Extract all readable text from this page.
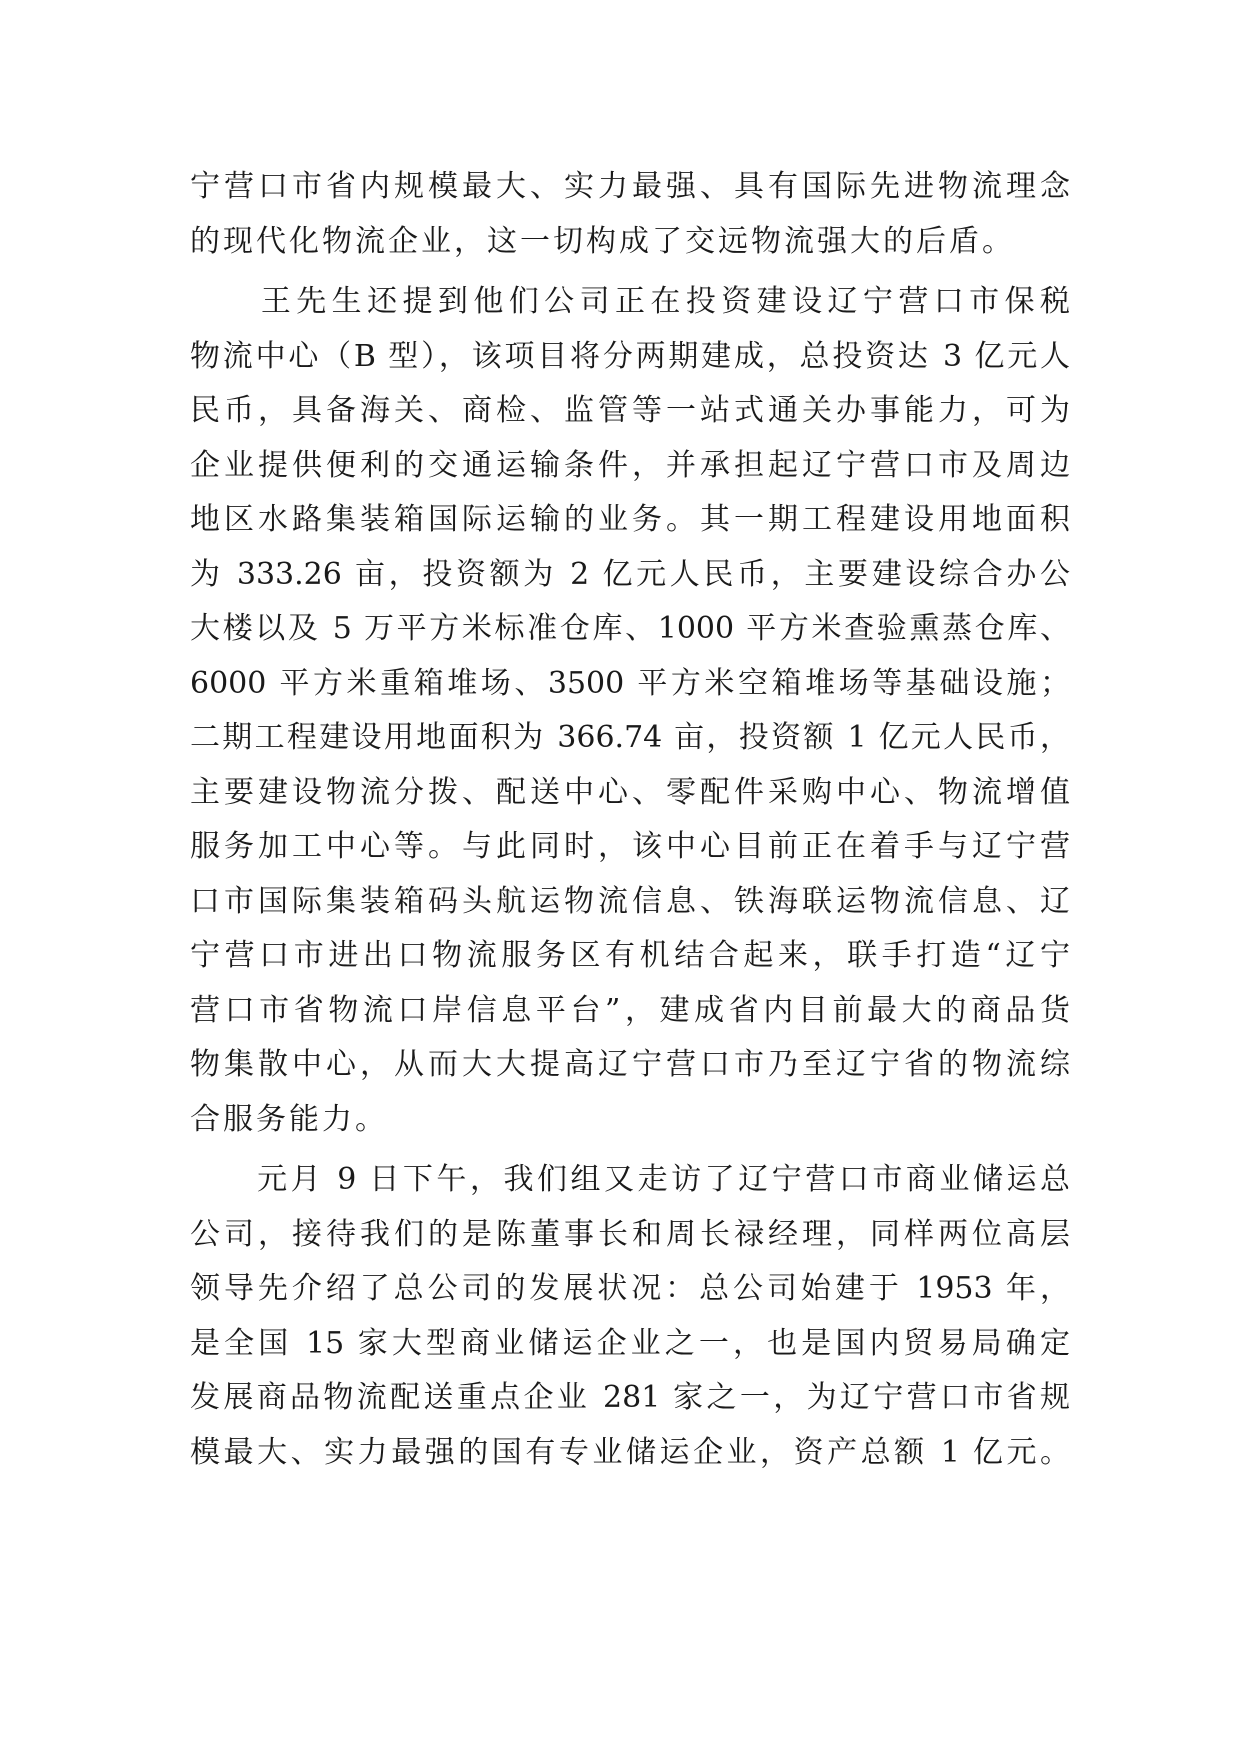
宁营口市省内规模最大、实力最强、具有国际先进物流理念
的现代化物流企业，这一切构成了交远物流强大的后盾。
　　王先生还提到他们公司正在投资建设辽宁营口市保税
物流中心（B 型），该项目将分两期建成，总投资达 3 亿元人
民币，具备海关、商检、监管等一站式通关办事能力，可为
企业提供便利的交通运输条件，并承担起辽宁营口市及周边
地区水路集装箱国际运输的业务。其一期工程建设用地面积
为 333.26 亩，投资额为 2 亿元人民币，主要建设综合办公
大楼以及 5 万平方米标准仓库、1000 平方米查验熏蒸仓库、
6000 平方米重箱堆场、3500 平方米空箱堆场等基础设施；
二期工程建设用地面积为 366.74 亩，投资额 1 亿元人民币，
主要建设物流分拨、配送中心、零配件采购中心、物流增值
服务加工中心等。与此同时，该中心目前正在着手与辽宁营
口市国际集装箱码头航运物流信息、铁海联运物流信息、辽
宁营口市进出口物流服务区有机结合起来，联手打造“辽宁
营口市省物流口岸信息平台”，建成省内目前最大的商品货
物集散中心，从而大大提高辽宁营口市乃至辽宁省的物流综
合服务能力。
　　元月 9 日下午，我们组又走访了辽宁营口市商业储运总
公司，接待我们的是陈董事长和周长禄经理，同样两位高层
领导先介绍了总公司的发展状况：总公司始建于 1953 年，
是全国 15 家大型商业储运企业之一，也是国内贸易局确定
发展商品物流配送重点企业 281 家之一，为辽宁营口市省规
模最大、实力最强的国有专业储运企业，资产总额 1 亿元。
